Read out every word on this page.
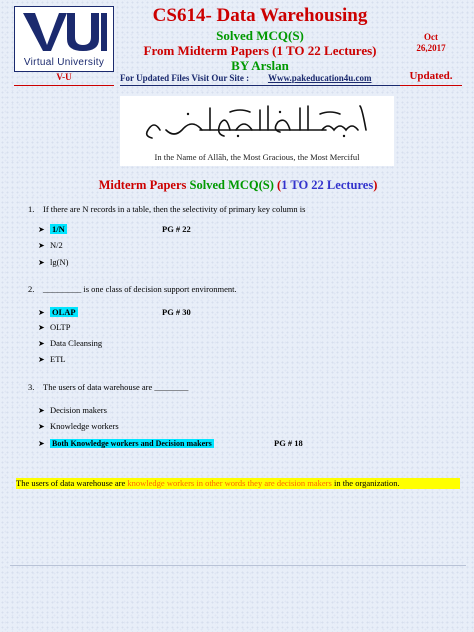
Virtual University
CS614- Data Warehousing
Solved MCQ(S)
From Midterm Papers (1 TO 22 Lectures)
BY Arslan
Oct
26,2017
V-U	For Updated Files Visit Our Site : Www.pakeducation4u.com	Updated.
In the Name of Allāh, the Most Gracious, the Most Merciful
Midterm Papers Solved MCQ(S) (1 TO 22 Lectures)
1. If there are N records in a table, then the selectivity of primary key column is
➤ 1/N	PG # 22
➤ N/2
➤ lg(N)
2. _________ is one class of decision support environment.
➤ OLAP	PG # 30
➤ OLTP
➤ Data Cleansing
➤ ETL
3. The users of data warehouse are ________
➤ Decision makers
➤ Knowledge workers
➤ Both Knowledge workers and Decision makers	PG # 18
The users of data warehouse are knowledge workers in other words they are decision makers in the organization.
